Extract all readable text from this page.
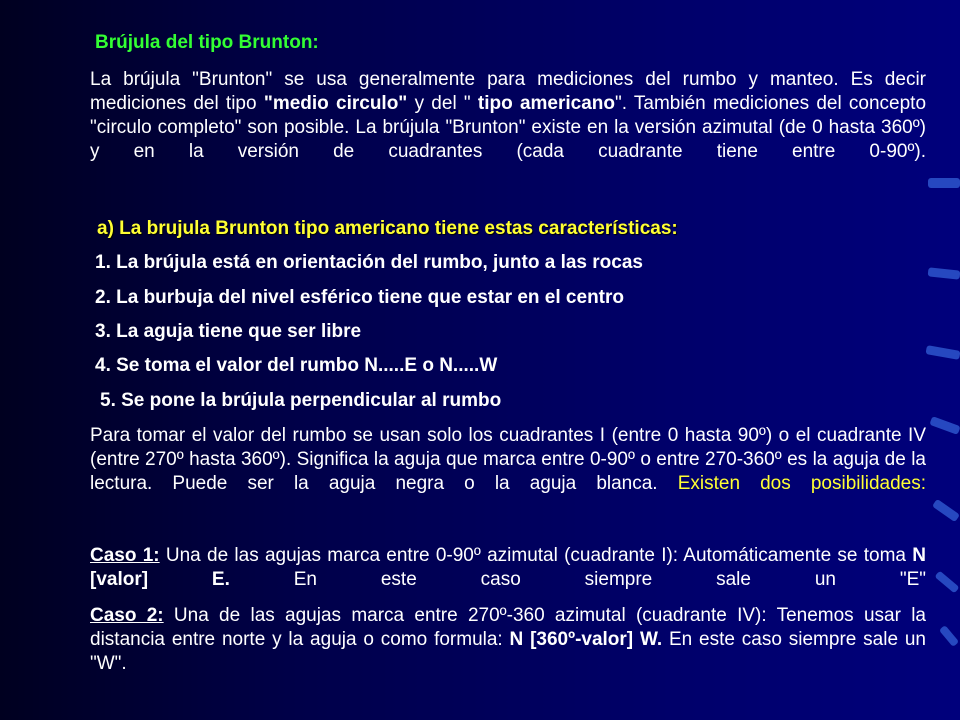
Brújula del tipo Brunton:
La brújula "Brunton" se usa generalmente para mediciones del rumbo y manteo. Es decir mediciones del tipo "medio circulo" y del " tipo americano". También mediciones del concepto "circulo completo" son posible. La brújula "Brunton" existe en la versión azimutal (de 0 hasta 360º) y en la versión de cuadrantes (cada cuadrante tiene entre 0-90º).
a) La brujula Brunton tipo americano tiene estas características:
1. La brújula está en orientación del rumbo, junto a las rocas
2. La burbuja del nivel esférico tiene que estar en el centro
3. La aguja tiene que ser libre
4. Se toma el valor del rumbo N.....E o N.....W
5. Se pone la brújula perpendicular al rumbo
Para tomar el valor del rumbo se usan solo los cuadrantes I (entre 0 hasta 90º) o el cuadrante IV (entre 270º hasta 360º). Significa la aguja que marca entre 0-90º o entre 270-360º es la aguja de la lectura. Puede ser la aguja negra o la aguja blanca. Existen dos posibilidades:
Caso 1: Una de las agujas marca entre 0-90º azimutal (cuadrante I): Automáticamente se toma N [valor] E. En este caso siempre sale un "E"
Caso 2: Una de las agujas marca entre 270º-360 azimutal (cuadrante IV): Tenemos usar la distancia entre norte y la aguja o como formula: N [360º-valor] W. En este caso siempre sale un "W".
